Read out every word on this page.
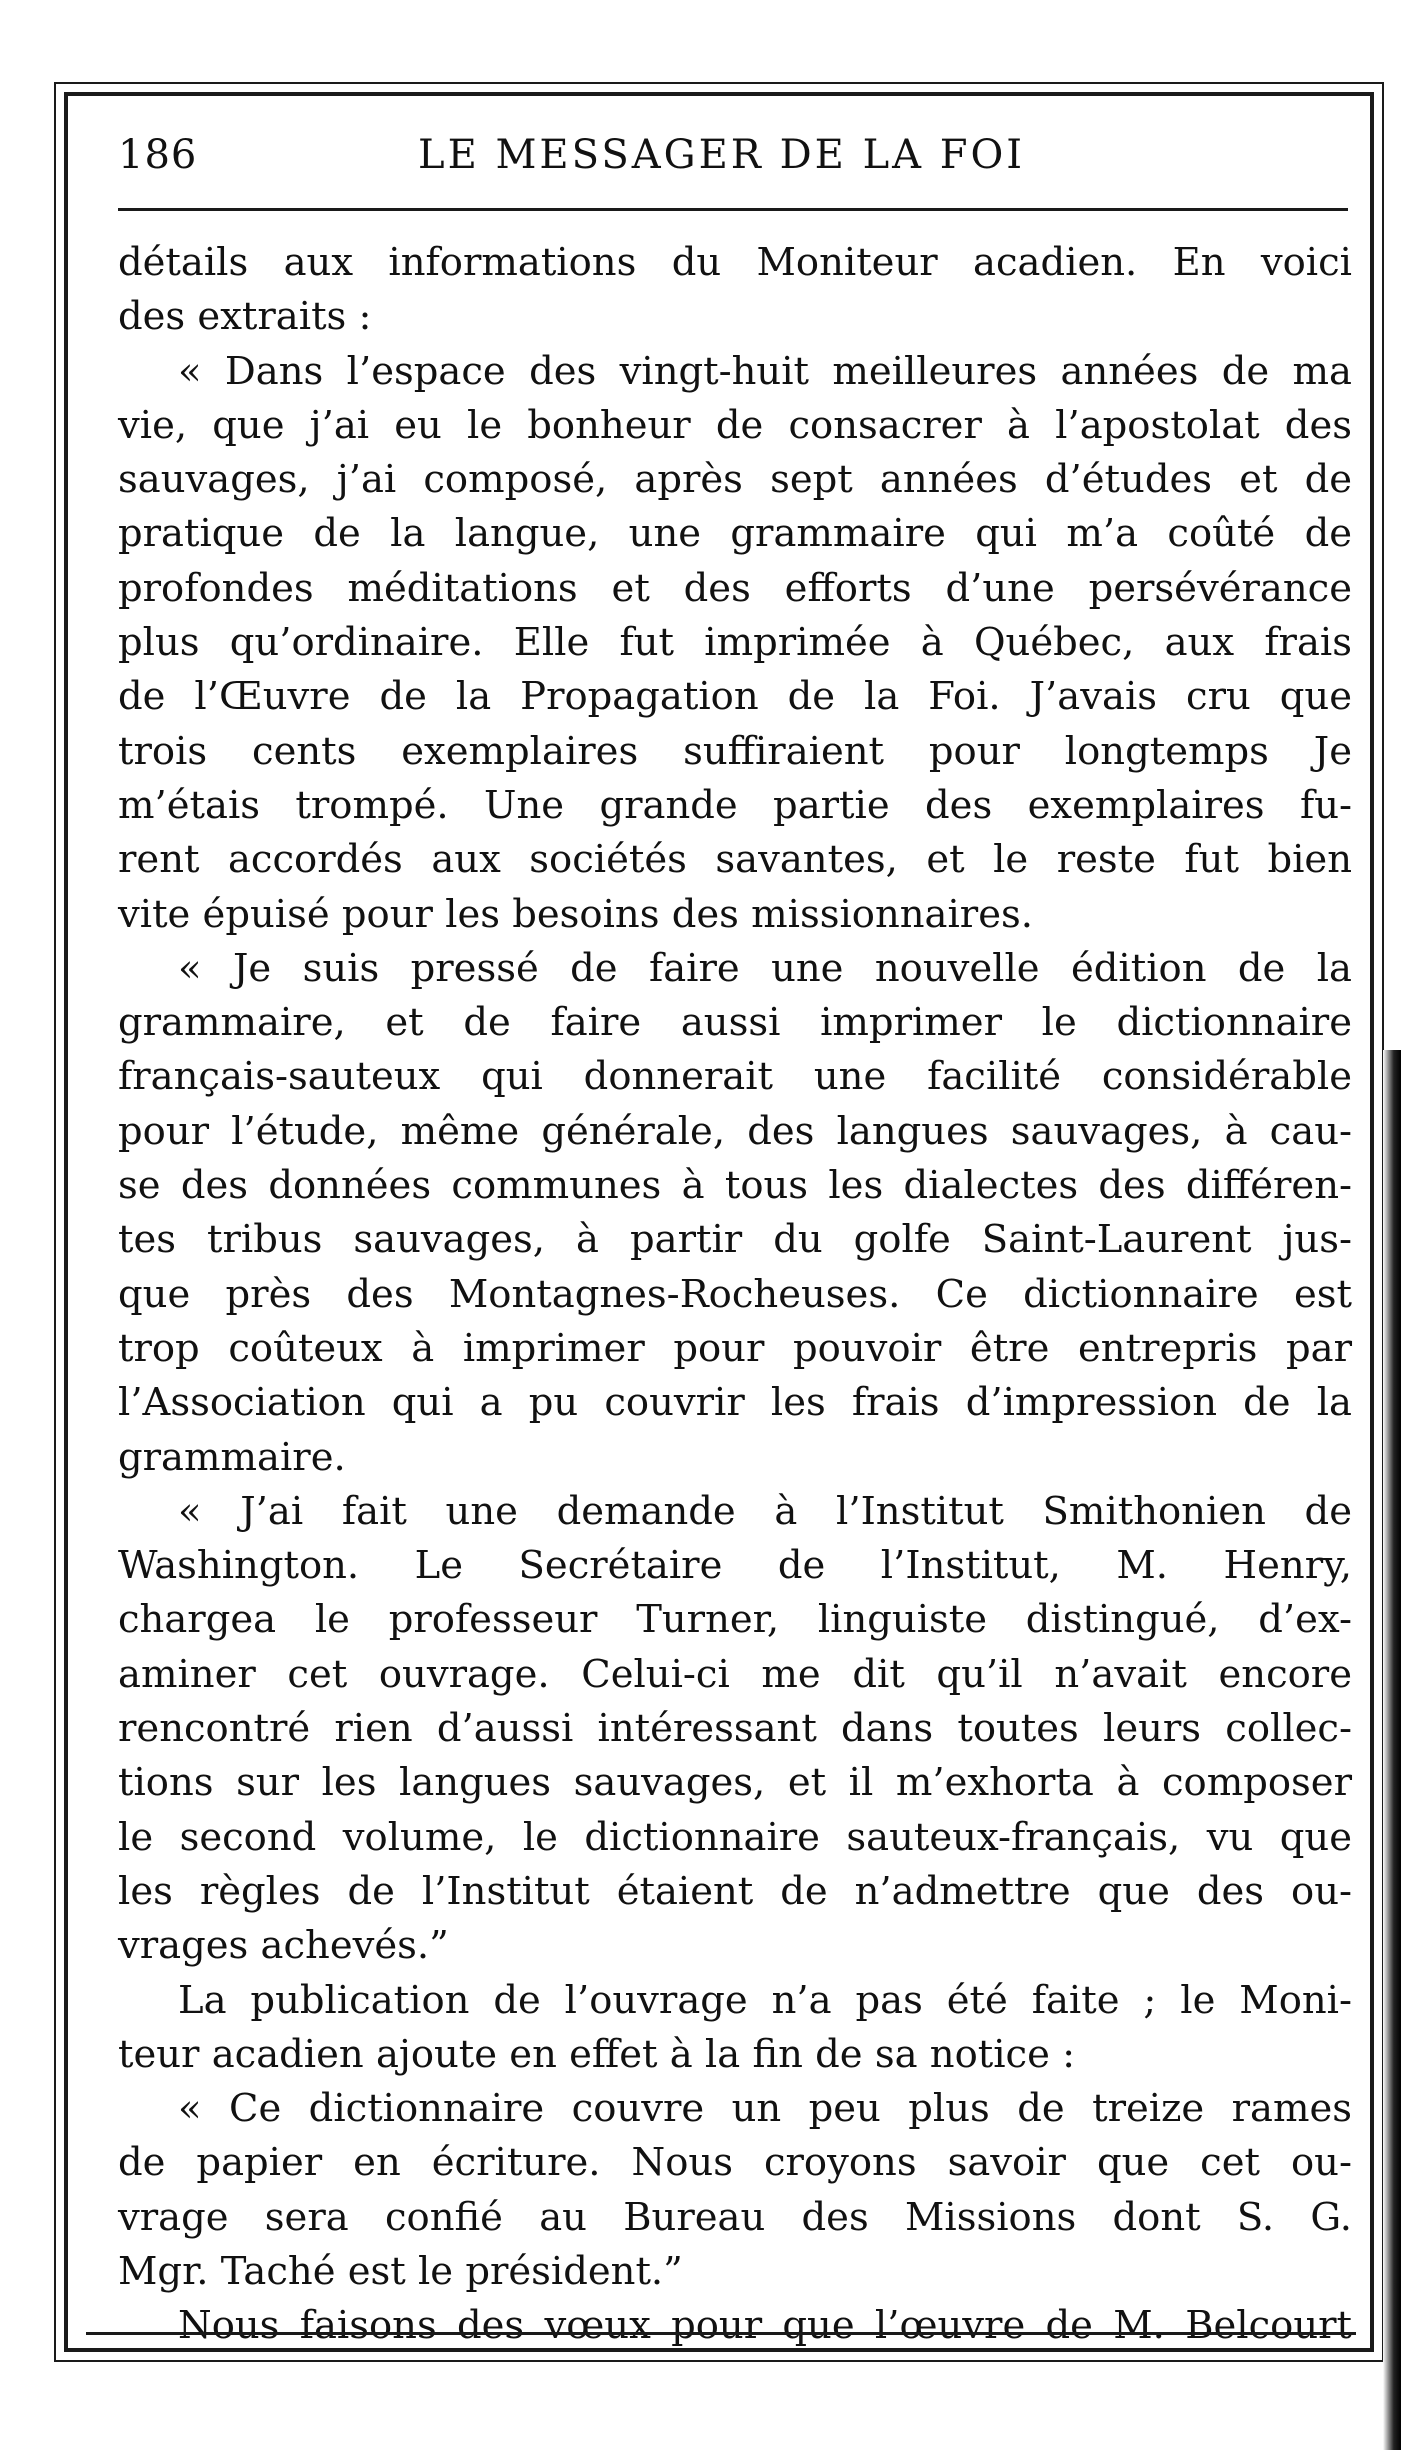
186	LE MESSAGER DE LA FOI
détails aux informations du Moniteur acadien. En voici
des extraits :
« Dans l’espace des vingt-huit meilleures années de ma
vie, que j’ai eu le bonheur de consacrer à l’apostolat des
sauvages, j’ai composé, après sept années d’études et de
pratique de la langue, une grammaire qui m’a coûté de
profondes méditations et des efforts d’une persévérance
plus qu’ordinaire. Elle fut imprimée à Québec, aux frais
de l’Œuvre de la Propagation de la Foi. J’avais cru que
trois cents exemplaires suffiraient pour longtemps Je
m’étais trompé. Une grande partie des exemplaires fu-
rent accordés aux sociétés savantes, et le reste fut bien
vite épuisé pour les besoins des missionnaires.
« Je suis pressé de faire une nouvelle édition de la
grammaire, et de faire aussi imprimer le dictionnaire
français-sauteux qui donnerait une facilité considérable
pour l’étude, même générale, des langues sauvages, à cau-
se des données communes à tous les dialectes des différen-
tes tribus sauvages, à partir du golfe Saint-Laurent jus-
que près des Montagnes-Rocheuses. Ce dictionnaire est
trop coûteux à imprimer pour pouvoir être entrepris par
l’Association qui a pu couvrir les frais d’impression de la
grammaire.
« J’ai fait une demande à l’Institut Smithonien de
Washington. Le Secrétaire de l’Institut, M. Henry,
chargea le professeur Turner, linguiste distingué, d’ex-
aminer cet ouvrage. Celui-ci me dit qu’il n’avait encore
rencontré rien d’aussi intéressant dans toutes leurs collec-
tions sur les langues sauvages, et il m’exhorta à composer
le second volume, le dictionnaire sauteux-français, vu que
les règles de l’Institut étaient de n’admettre que des ou-
vrages achevés.”
La publication de l’ouvrage n’a pas été faite ; le Moni-
teur acadien ajoute en effet à la fin de sa notice :
« Ce dictionnaire couvre un peu plus de treize rames
de papier en écriture. Nous croyons savoir que cet ou-
vrage sera confié au Bureau des Missions dont S. G.
Mgr. Taché est le président.”
Nous faisons des vœux pour que l’œuvre de M. Belcourt
